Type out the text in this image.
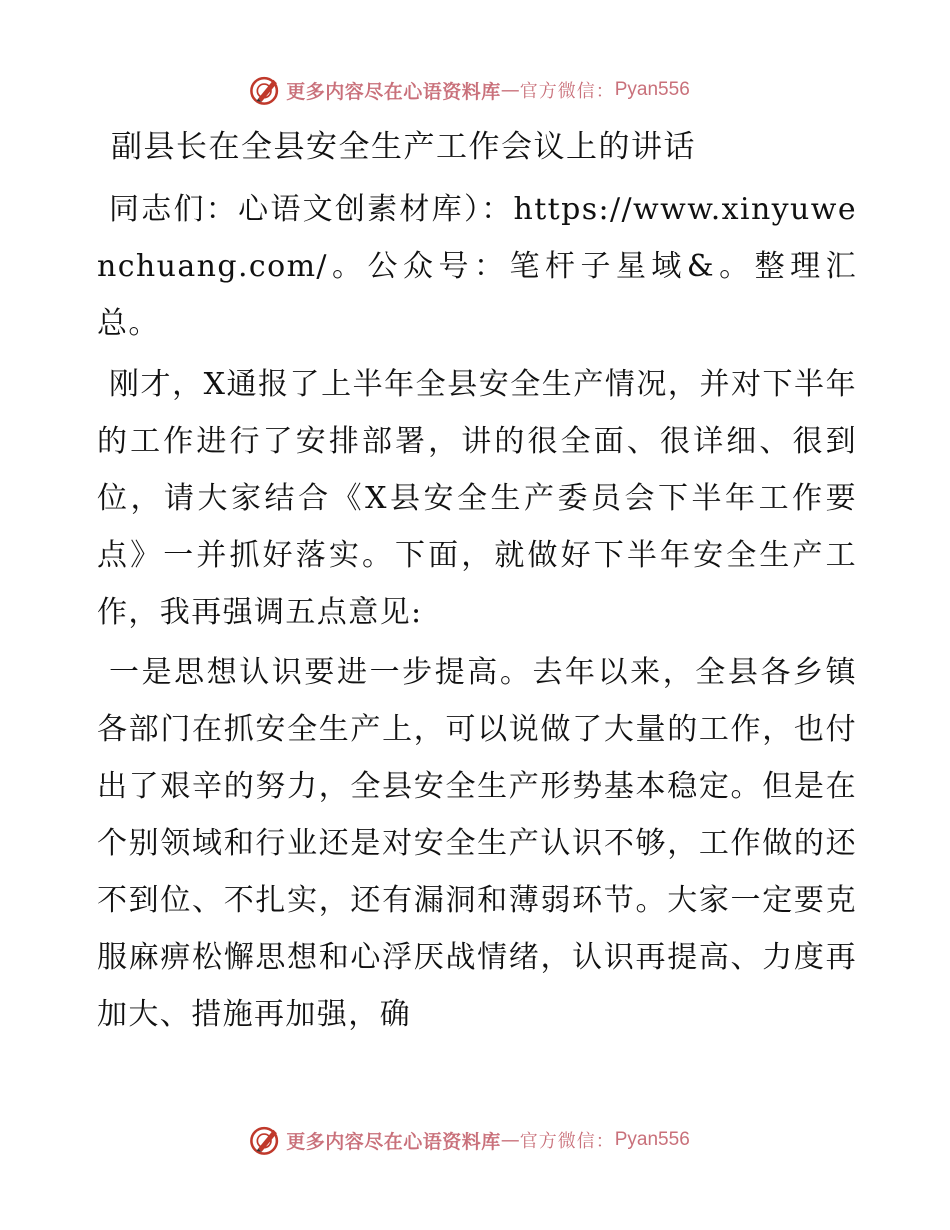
更多内容尽在心语资料库 — 官方微信： Pyan556
副县长在全县安全生产工作会议上的讲话

同志们：心语文创素材库）：https://www.xinyuwenchuang.com/。公众号：笔杆子星域&。整理汇总。

刚才，X通报了上半年全县安全生产情况，并对下半年的工作进行了安排部署，讲的很全面、很详细、很到位，请大家结合《X县安全生产委员会下半年工作要点》一并抓好落实。下面，就做好下半年安全生产工作，我再强调五点意见:

一是思想认识要进一步提高。去年以来，全县各乡镇各部门在抓安全生产上，可以说做了大量的工作，也付出了艰辛的努力，全县安全生产形势基本稳定。但是在个别领域和行业还是对安全生产认识不够，工作做的还不到位、不扎实，还有漏洞和薄弱环节。大家一定要克服麻痹松懈思想和心浮厌战情绪，认识再提高、力度再加大、措施再加强，确

更多内容尽在心语资料库 — 官方微信： Pyan556
